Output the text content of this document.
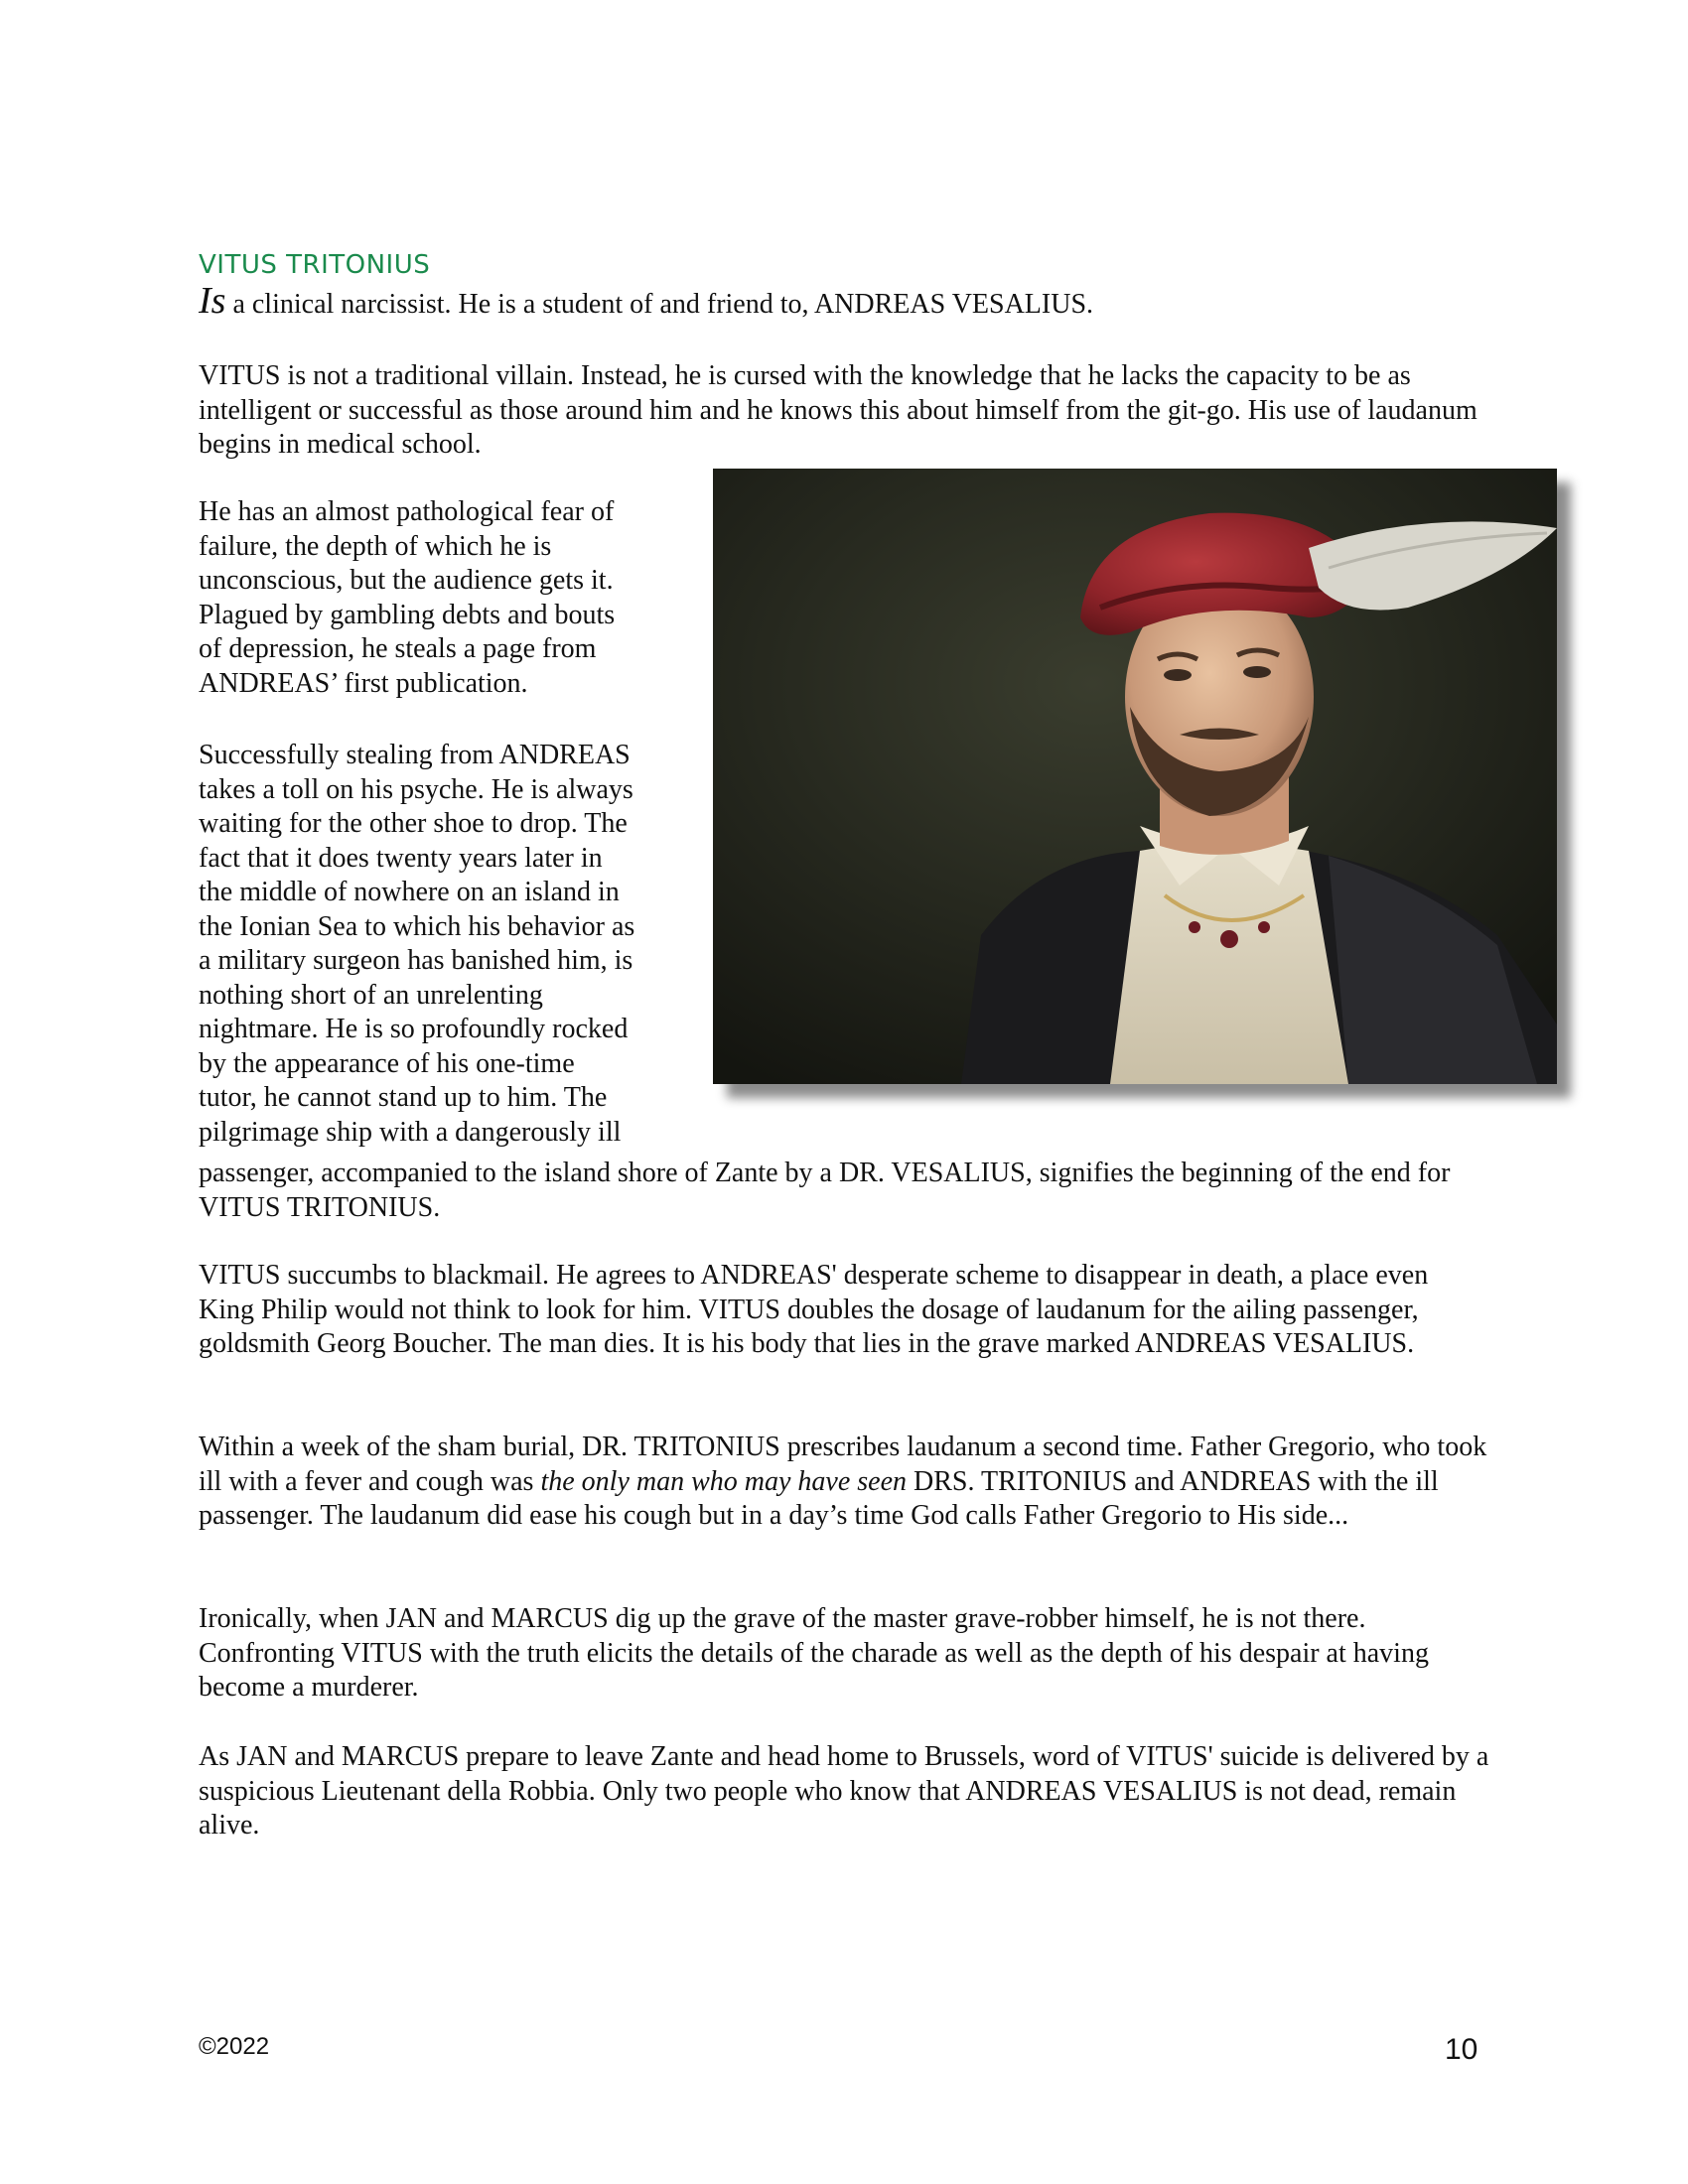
VITUS TRITONIUS

Is a clinical narcissist. He is a student of and friend to, ANDREAS VESALIUS.

VITUS is not a traditional villain. Instead, he is cursed with the knowledge that he lacks the capacity to be as intelligent or successful as those around him and he knows this about himself from the git-go. His use of laudanum begins in medical school.

He has an almost pathological fear of
failure, the depth of which he is
unconscious, but the audience gets it.
Plagued by gambling debts and bouts
of depression, he steals a page from
ANDREAS’ first publication.
Successfully stealing from ANDREAS
takes a toll on his psyche. He is always
waiting for the other shoe to drop. The
fact that it does twenty years later in
the middle of nowhere on an island in
the Ionian Sea to which his behavior as
a military surgeon has banished him, is
nothing short of an unrelenting
nightmare. He is so profoundly rocked
by the appearance of his one-time
tutor, he cannot stand up to him. The
pilgrimage ship with a dangerously ill

passenger, accompanied to the island shore of Zante by a DR. VESALIUS, signifies the beginning of the end for VITUS TRITONIUS.

VITUS succumbs to blackmail. He agrees to ANDREAS' desperate scheme to disappear in death, a place even King Philip would not think to look for him. VITUS doubles the dosage of laudanum for the ailing passenger, goldsmith Georg Boucher. The man dies. It is his body that lies in the grave marked ANDREAS VESALIUS.

Within a week of the sham burial, DR. TRITONIUS prescribes laudanum a second time. Father Gregorio, who took ill with a fever and cough was the only man who may have seen DRS. TRITONIUS and ANDREAS with the ill passenger. The laudanum did ease his cough but in a day’s time God calls Father Gregorio to His side...

Ironically, when JAN and MARCUS dig up the grave of the master grave-robber himself, he is not there. Confronting VITUS with the truth elicits the details of the charade as well as the depth of his despair at having become a murderer.

As JAN and MARCUS prepare to leave Zante and head home to Brussels, word of VITUS' suicide is delivered by a suspicious Lieutenant della Robbia. Only two people who know that ANDREAS VESALIUS is not dead, remain alive.

©2022	10
